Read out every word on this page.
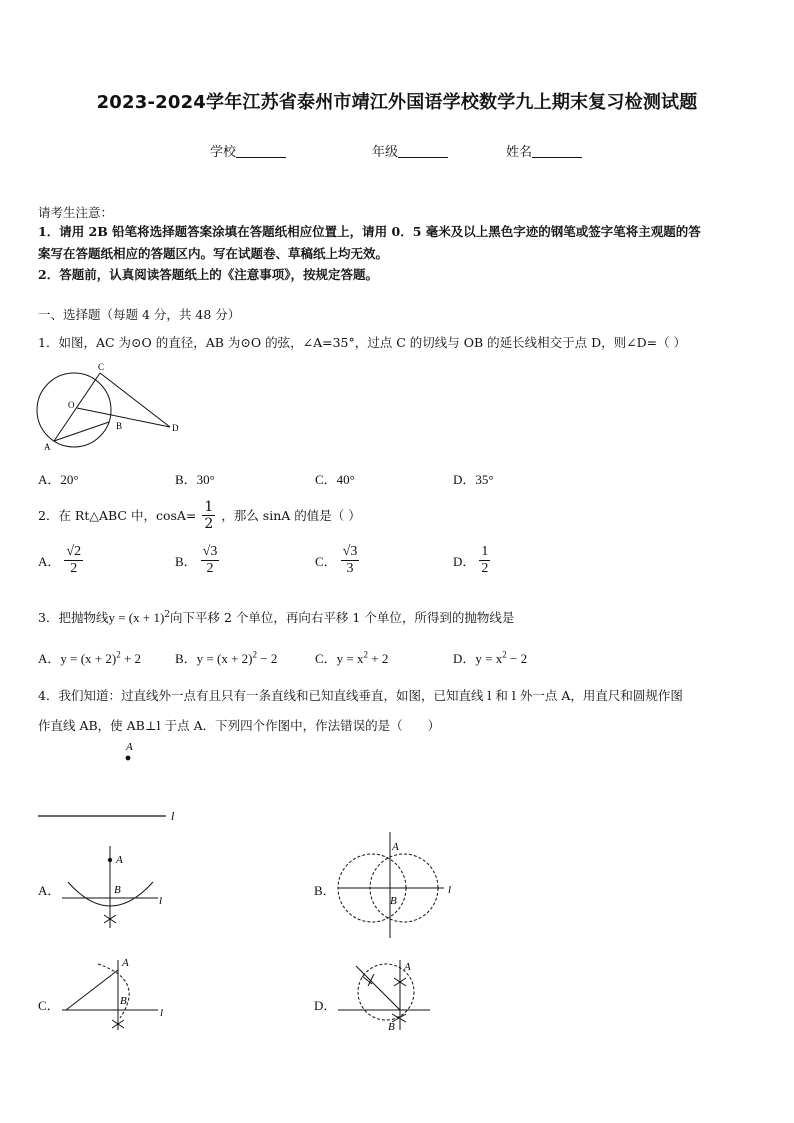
2023-2024学年江苏省泰州市靖江外国语学校数学九上期末复习检测试题
学校	年级	姓名
请考生注意：
1．请用 2B 铅笔将选择题答案涂填在答题纸相应位置上，请用 0．5 毫米及以上黑色字迹的钢笔或签字笔将主观题的答
案写在答题纸相应的答题区内。写在试题卷、草稿纸上均无效。
2．答题前，认真阅读答题纸上的《注意事项》，按规定答题。
一、选择题（每题 4 分，共 48 分）
1．如图，AC 为⊙O 的直径，AB 为⊙O 的弦，∠A=35°，过点 C 的切线与 OB 的延长线相交于点 D，则∠D=（ ）
C
O
A
B	D
A．20°	B．30°	C．40°	D．35°
2．在 Rt△ABC 中，$\cos A= \frac{1}{2}$ ，那么 sinA 的值是（ ）
A． $\frac{√2}{2}$	B． $\frac{√3}{2}$	C． $\frac{√3}{3}$	D． $\frac{1}{2}$
3．把抛物线$y = (x + 1)^2$向下平移 2 个单位，再向右平移 1 个单位，所得到的抛物线是
A．$y = (x + 2)^2 + 2$	B．$y = (x + 2)^2 - 2$	C．$y = x^2 + 2$	D．$y = x^2 - 2$
4．我们知道：过直线外一点有且只有一条直线和已知直线垂直，如图，已知直线 l 和 l 外一点 A，用直尺和圆规作图
作直线 AB，使 AB⊥l 于点 A．下列四个作图中，作法错误的是（　　）
A
l
A．
A
B
l
B．
A
B
l
C．
A
B
l	D．
A
B
